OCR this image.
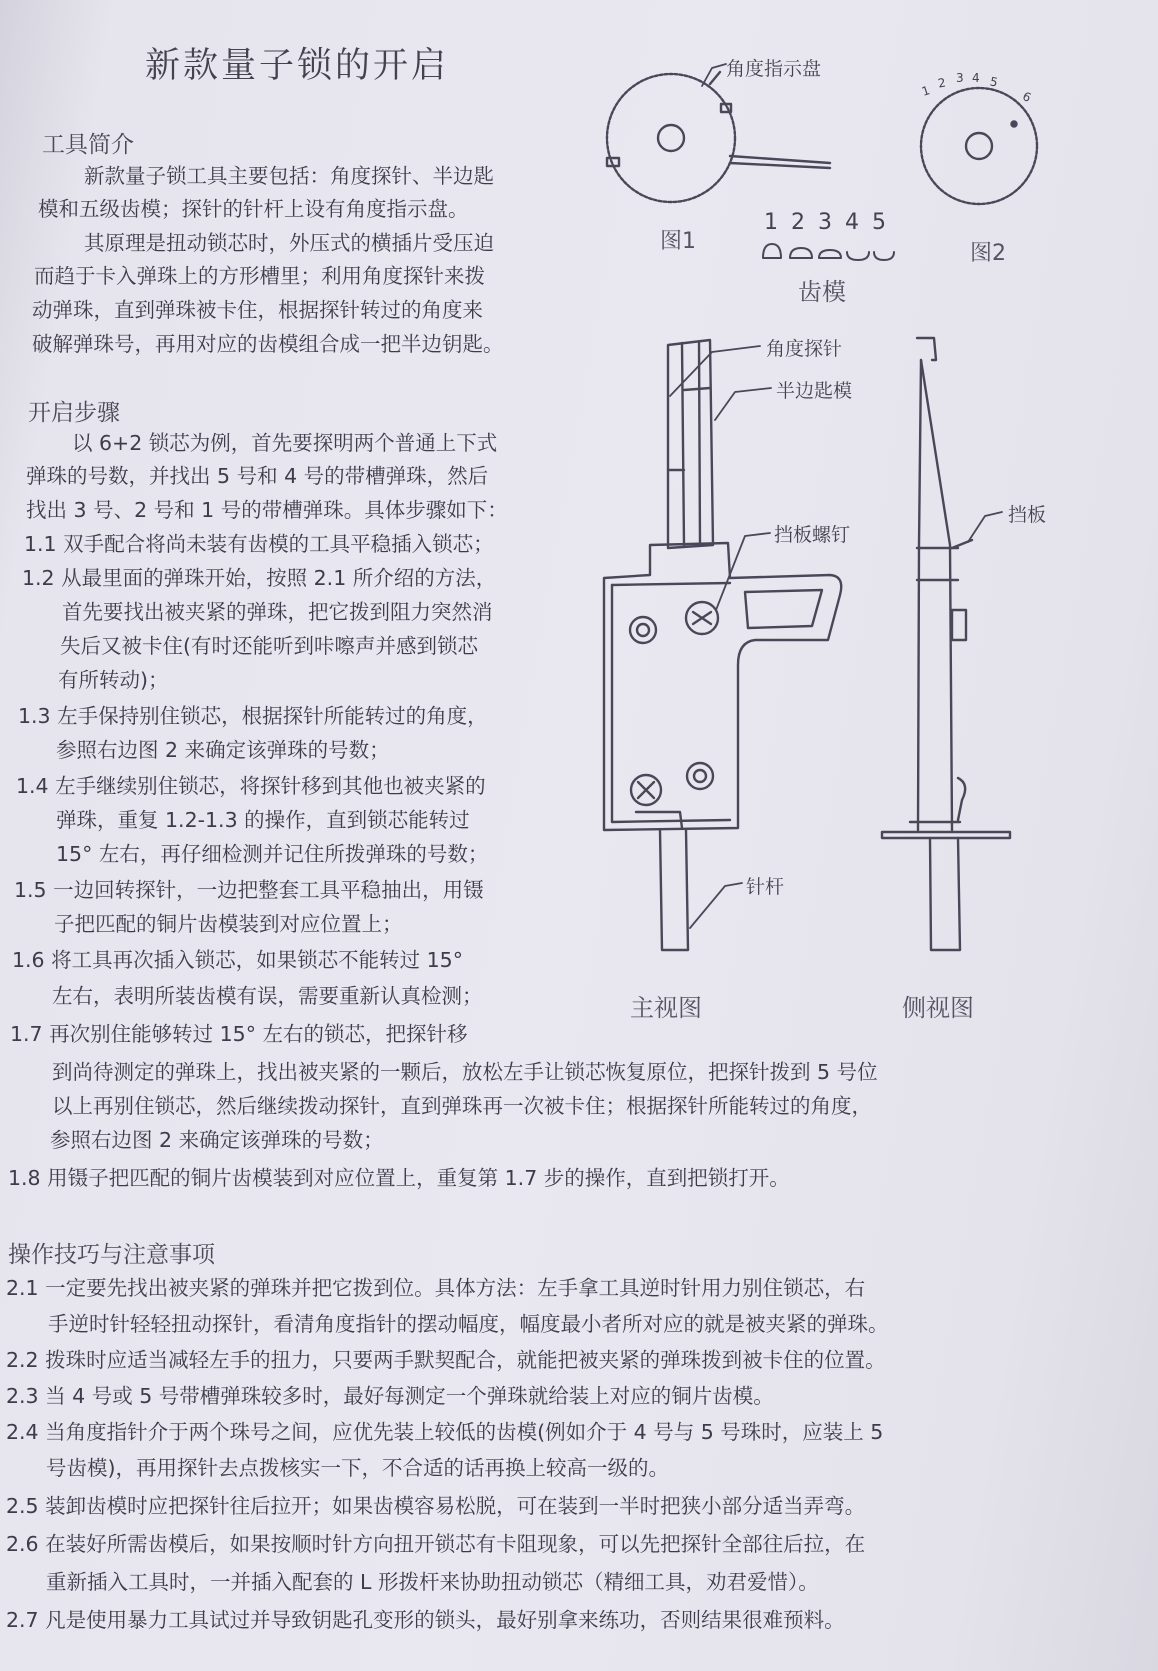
新款量子锁的开启
工具简介
新款量子锁工具主要包括：角度探针、半边匙
模和五级齿模；探针的针杆上设有角度指示盘。
其原理是扭动锁芯时，外压式的横插片受压迫
而趋于卡入弹珠上的方形槽里；利用角度探针来拨
动弹珠，直到弹珠被卡住，根据探针转过的角度来
破解弹珠号，再用对应的齿模组合成一把半边钥匙。
开启步骤
以 6+2 锁芯为例，首先要探明两个普通上下式
弹珠的号数，并找出 5 号和 4 号的带槽弹珠，然后
找出 3 号、2 号和 1 号的带槽弹珠。具体步骤如下：
1.1 双手配合将尚未装有齿模的工具平稳插入锁芯；
1.2 从最里面的弹珠开始，按照 2.1 所介绍的方法，
首先要找出被夹紧的弹珠，把它拨到阻力突然消
失后又被卡住(有时还能听到咔嚓声并感到锁芯
有所转动)；
1.3 左手保持别住锁芯，根据探针所能转过的角度，
参照右边图 2 来确定该弹珠的号数；
1.4 左手继续别住锁芯，将探针移到其他也被夹紧的
弹珠，重复 1.2-1.3 的操作，直到锁芯能转过
15° 左右，再仔细检测并记住所拨弹珠的号数；
1.5 一边回转探针，一边把整套工具平稳抽出，用镊
子把匹配的铜片齿模装到对应位置上；
1.6 将工具再次插入锁芯，如果锁芯不能转过 15°
左右，表明所装齿模有误，需要重新认真检测；
1.7 再次别住能够转过 15° 左右的锁芯，把探针移
到尚待测定的弹珠上，找出被夹紧的一颗后，放松左手让锁芯恢复原位，把探针拨到 5 号位
以上再别住锁芯，然后继续拨动探针，直到弹珠再一次被卡住；根据探针所能转过的角度，
参照右边图 2 来确定该弹珠的号数；
1.8 用镊子把匹配的铜片齿模装到对应位置上，重复第 1.7 步的操作，直到把锁打开。
操作技巧与注意事项
2.1 一定要先找出被夹紧的弹珠并把它拨到位。具体方法：左手拿工具逆时针用力别住锁芯，右
手逆时针轻轻扭动探针，看清角度指针的摆动幅度，幅度最小者所对应的就是被夹紧的弹珠。
2.2 拨珠时应适当减轻左手的扭力，只要两手默契配合，就能把被夹紧的弹珠拨到被卡住的位置。
2.3 当 4 号或 5 号带槽弹珠较多时，最好每测定一个弹珠就给装上对应的铜片齿模。
2.4 当角度指针介于两个珠号之间，应优先装上较低的齿模(例如介于 4 号与 5 号珠时，应装上 5
号齿模)，再用探针去点拨核实一下，不合适的话再换上较高一级的。
2.5 装卸齿模时应把探针往后拉开；如果齿模容易松脱，可在装到一半时把狭小部分适当弄弯。
2.6 在装好所需齿模后，如果按顺时针方向扭开锁芯有卡阻现象，可以先把探针全部往后拉，在
重新插入工具时，一并插入配套的 L 形拨杆来协助扭动锁芯（精细工具，劝君爱惜）。
2.7 凡是使用暴力工具试过并导致钥匙孔变形的锁头，最好别拿来练功，否则结果很难预料。
角度指示盘
图1	图2
1
2 3 4 5
6
1 2 3 4 5
齿模
角度探针
半边匙模
挡板螺钉
挡板
针杆
主视图	侧视图
